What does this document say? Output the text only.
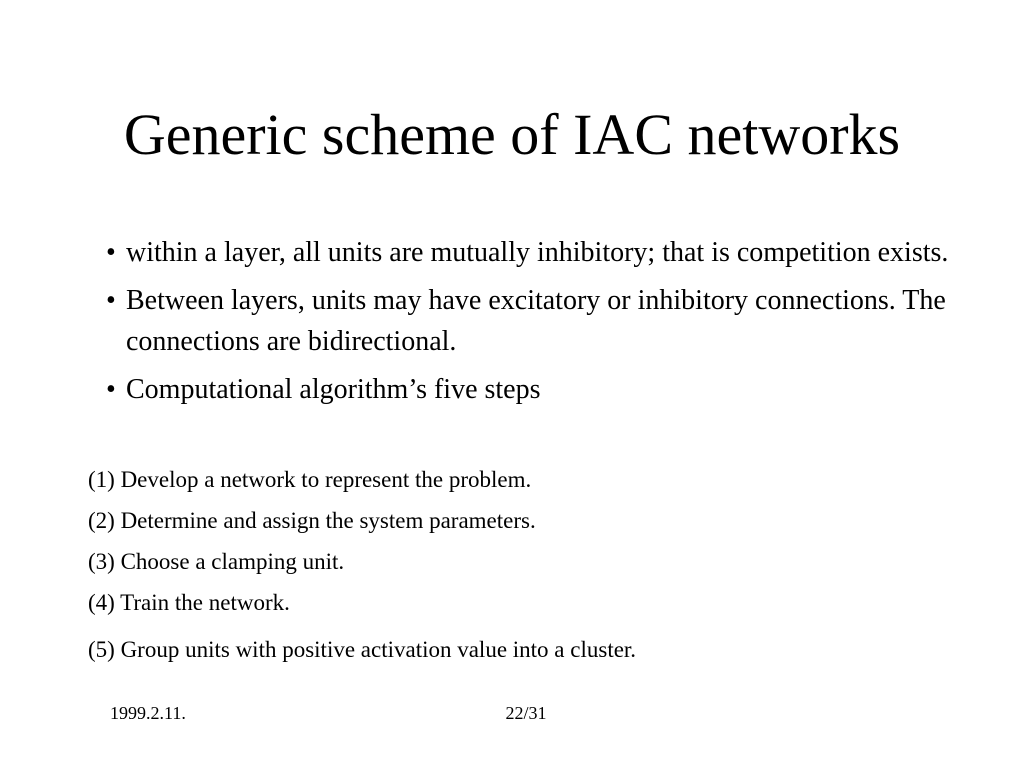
Generic scheme of IAC networks
• within a layer, all units are mutually inhibitory; that is competition exists.
• Between layers, units may have excitatory or inhibitory connections. The connections are bidirectional.
• Computational algorithm’s five steps
(1) Develop a network to represent the problem.
(2) Determine and assign the system parameters.
(3) Choose a clamping unit.
(4) Train the network.
(5) Group units with positive activation value into a cluster.
1999.2.11.	22/31
